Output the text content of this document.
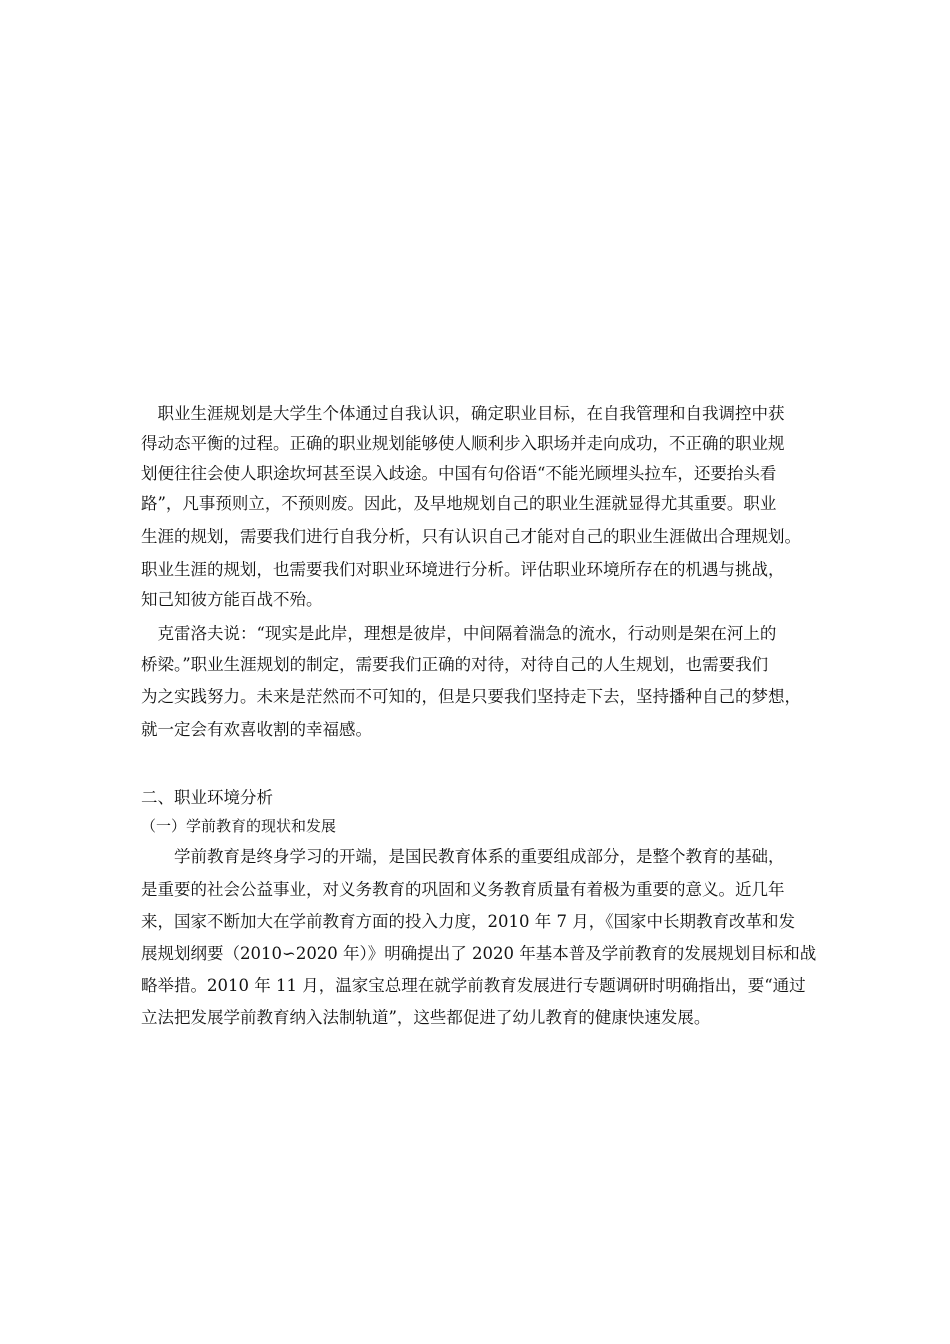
　职业生涯规划是大学生个体通过自我认识，确定职业目标，在自我管理和自我调控中获

得动态平衡的过程。正确的职业规划能够使人顺利步入职场并走向成功，不正确的职业规

划便往往会使人职途坎坷甚至误入歧途。中国有句俗语“不能光顾埋头拉车，还要抬头看

路”，凡事预则立，不预则废。因此，及早地规划自己的职业生涯就显得尤其重要。职业

生涯的规划，需要我们进行自我分析，只有认识自己才能对自己的职业生涯做出合理规划。

职业生涯的规划，也需要我们对职业环境进行分析。评估职业环境所存在的机遇与挑战，

知己知彼方能百战不殆。

　克雷洛夫说：“现实是此岸，理想是彼岸，中间隔着湍急的流水，行动则是架在河上的

桥梁。”职业生涯规划的制定，需要我们正确的对待，对待自己的人生规划，也需要我们

为之实践努力。未来是茫然而不可知的，但是只要我们坚持走下去，坚持播种自己的梦想，

就一定会有欢喜收割的幸福感。

二、职业环境分析
（一）学前教育的现状和发展

　　学前教育是终身学习的开端，是国民教育体系的重要组成部分，是整个教育的基础，

是重要的社会公益事业，对义务教育的巩固和义务教育质量有着极为重要的意义。近几年

来，国家不断加大在学前教育方面的投入力度，2010 年 7 月，《国家中长期教育改革和发

展规划纲要（2010∽2020 年）》明确提出了 2020 年基本普及学前教育的发展规划目标和战

略举措。2010 年 11 月，温家宝总理在就学前教育发展进行专题调研时明确指出，要“通过

立法把发展学前教育纳入法制轨道”，这些都促进了幼儿教育的健康快速发展。
